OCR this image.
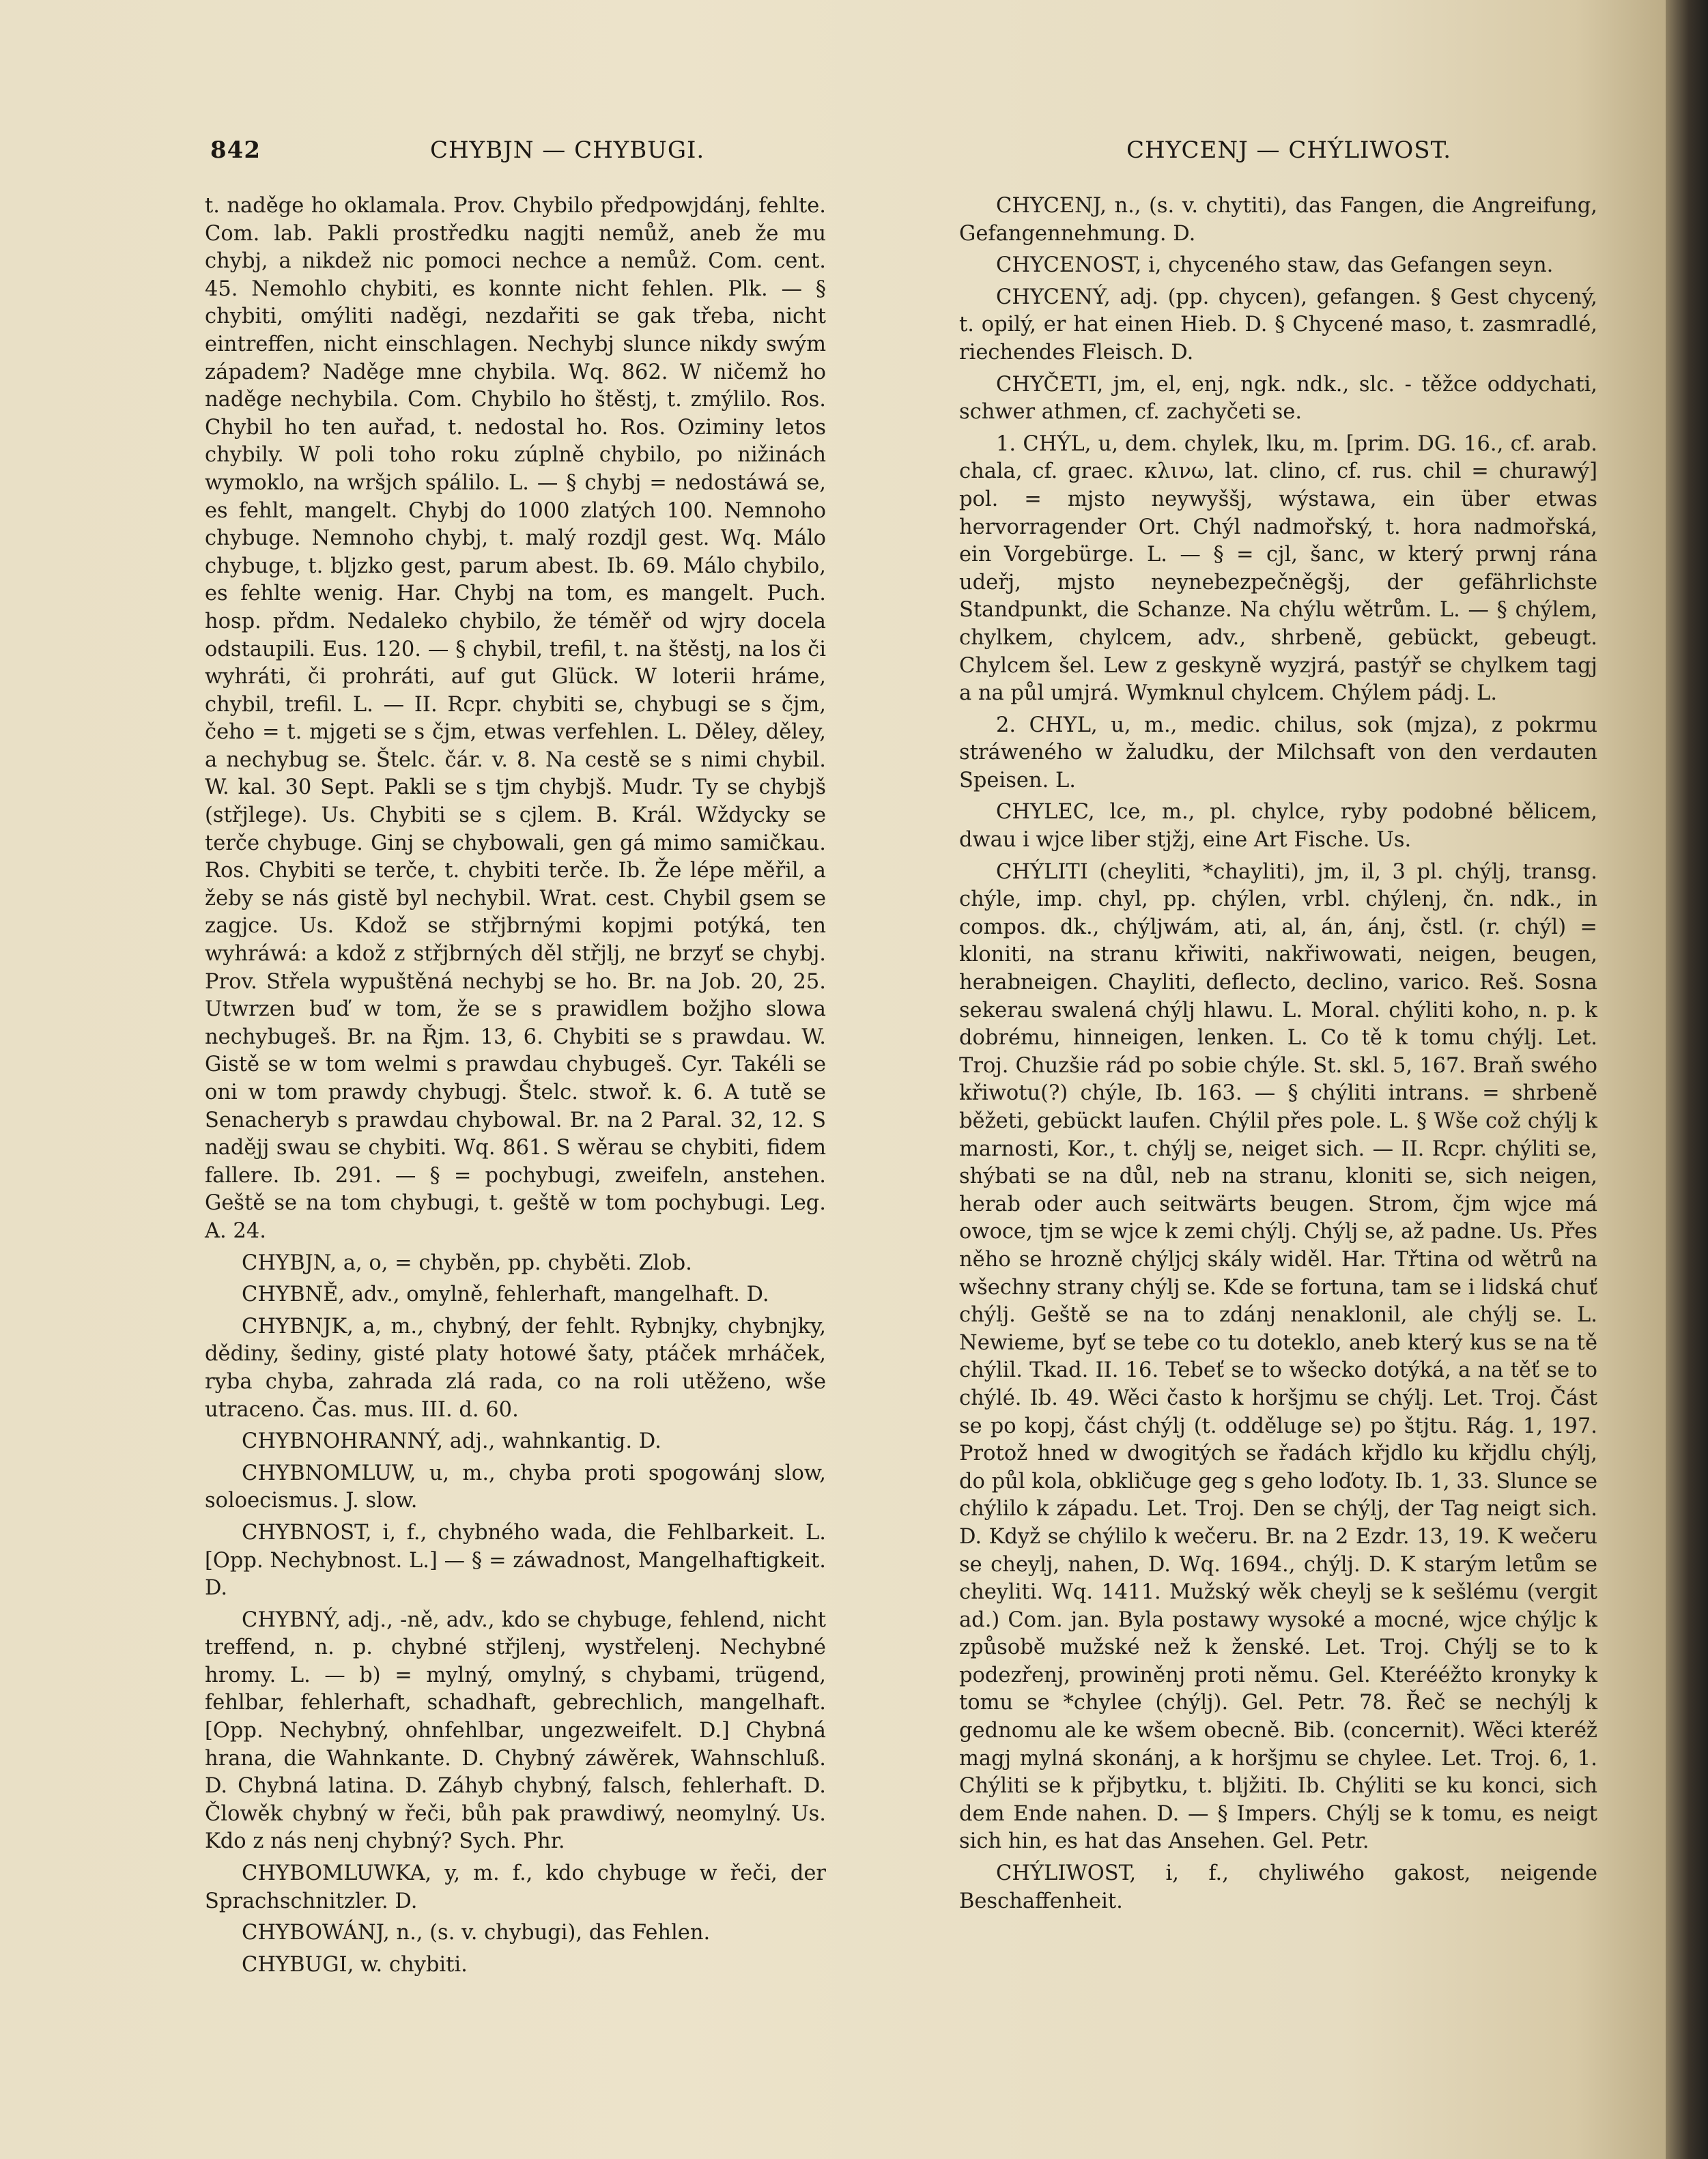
842	CHYBJN — CHYBUGI.	CHYCENJ — CHÝLIWOST.

t. naděge ho oklamala. Prov. Chybilo předpowjdánj, fehlte. Com. lab. Pakli prostředku nagjti nemůž, aneb že mu chybj, a nikdež nic pomoci nechce a nemůž. Com. cent. 45. Nemohlo chybiti, es konnte nicht fehlen. Plk. — § chybiti, omýliti naděgi, nezdařiti se gak třeba, nicht eintreffen, nicht einschlagen. Nechybj slunce nikdy swým západem? Naděge mne chybila. Wq. 862. W ničemž ho naděge nechybila. Com. Chybilo ho štěstj, t. zmýlilo. Ros. Chybil ho ten auřad, t. nedostal ho. Ros. Oziminy letos chybily. W poli toho roku zúplně chybilo, po nižinách wymoklo, na wršjch spálilo. L. — § chybj = nedostáwá se, es fehlt, mangelt. Chybj do 1000 zlatých 100. Nemnoho chybuge. Nemnoho chybj, t. malý rozdjl gest. Wq. Málo chybuge, t. bljzko gest, parum abest. Ib. 69. Málo chybilo, es fehlte wenig. Har. Chybj na tom, es mangelt. Puch. hosp. přdm. Nedaleko chybilo, že téměř od wjry docela odstaupili. Eus. 120. — § chybil, trefil, t. na štěstj, na los či wyhráti, či prohráti, auf gut Glück. W loterii hráme, chybil, trefil. L. — II. Rcpr. chybiti se, chybugi se s čjm, čeho = t. mjgeti se s čjm, etwas verfehlen. L. Děley, děley, a nechybug se. Štelc. čár. v. 8. Na cestě se s nimi chybil. W. kal. 30 Sept. Pakli se s tjm chybjš. Mudr. Ty se chybjš (střjlege). Us. Chybiti se s cjlem. B. Král. Wždycky se terče chybuge. Ginj se chybowali, gen gá mimo samičkau. Ros. Chybiti se terče, t. chybiti terče. Ib. Že lépe měřil, a žeby se nás gistě byl nechybil. Wrat. cest. Chybil gsem se zagjce. Us. Kdož se střjbrnými kopjmi potýká, ten wyhráwá: a kdož z střjbrných děl střjlj, ne brzyť se chybj. Prov. Střela wypuštěná nechybj se ho. Br. na Job. 20, 25. Utwrzen buď w tom, že se s prawidlem božjho slowa nechybugeš. Br. na Řjm. 13, 6. Chybiti se s prawdau. W. Gistě se w tom welmi s prawdau chybugeš. Cyr. Takéli se oni w tom prawdy chybugj. Štelc. stwoř. k. 6. A tutě se Senacheryb s prawdau chybowal. Br. na 2 Paral. 32, 12. S nadějj swau se chybiti. Wq. 861. S wěrau se chybiti, fidem fallere. Ib. 291. — § = pochybugi, zweifeln, anstehen. Geště se na tom chybugi, t. geště w tom pochybugi. Leg. A. 24.

CHYBJN, a, o, = chyběn, pp. chyběti. Zlob.

CHYBNĚ, adv., omylně, fehlerhaft, mangelhaft. D.

CHYBNJK, a, m., chybný, der fehlt. Rybnjky, chybnjky, dědiny, šediny, gisté platy hotowé šaty, ptáček mrháček, ryba chyba, zahrada zlá rada, co na roli utěženo, wše utraceno. Čas. mus. III. d. 60.

CHYBNOHRANNÝ, adj., wahnkantig. D.

CHYBNOMLUW, u, m., chyba proti spogowánj slow, soloecismus. J. slow.

CHYBNOST, i, f., chybného wada, die Fehlbarkeit. L. [Opp. Nechybnost. L.] — § = záwadnost, Mangelhaftigkeit. D.

CHYBNÝ, adj., -ně, adv., kdo se chybuge, fehlend, nicht treffend, n. p. chybné střjlenj, wystřelenj. Nechybné hromy. L. — b) = mylný, omylný, s chybami, trügend, fehlbar, fehlerhaft, schadhaft, gebrechlich, mangelhaft. [Opp. Nechybný, ohnfehlbar, ungezweifelt. D.] Chybná hrana, die Wahnkante. D. Chybný záwěrek, Wahnschluß. D. Chybná latina. D. Záhyb chybný, falsch, fehlerhaft. D. Člowěk chybný w řeči, bůh pak prawdiwý, neomylný. Us. Kdo z nás nenj chybný? Sych. Phr.

CHYBOMLUWKA, y, m. f., kdo chybuge w řeči, der Sprachschnitzler. D.

CHYBOWÁNJ, n., (s. v. chybugi), das Fehlen.

CHYBUGI, w. chybiti.

CHYCENJ, n., (s. v. chytiti), das Fangen, die Angreifung, Gefangennehmung. D.

CHYCENOST, i, chyceného staw, das Gefangen seyn.

CHYCENÝ, adj. (pp. chycen), gefangen. § Gest chycený, t. opilý, er hat einen Hieb. D. § Chycené maso, t. zasmradlé, riechendes Fleisch. D.

CHYČETI, jm, el, enj, ngk. ndk., slc. - těžce oddychati, schwer athmen, cf. zachyčeti se.

1. CHÝL, u, dem. chylek, lku, m. [prim. DG. 16., cf. arab. chala, cf. graec. κλινω, lat. clino, cf. rus. chil = churawý] pol. = mjsto neywyššj, wýstawa, ein über etwas hervorragender Ort. Chýl nadmořský, t. hora nadmořská, ein Vorgebürge. L. — § = cjl, šanc, w který prwnj rána udeřj, mjsto neynebezpečněgšj, der gefährlichste Standpunkt, die Schanze. Na chýlu wětrům. L. — § chýlem, chylkem, chylcem, adv., shrbeně, gebückt, gebeugt. Chylcem šel. Lew z geskyně wyzjrá, pastýř se chylkem tagj a na půl umjrá. Wymknul chylcem. Chýlem pádj. L.

2. CHYL, u, m., medic. chilus, sok (mjza), z pokrmu stráweného w žaludku, der Milchsaft von den verdauten Speisen. L.

CHYLEC, lce, m., pl. chylce, ryby podobné bělicem, dwau i wjce liber stjžj, eine Art Fische. Us.

CHÝLITI (cheyliti, *chayliti), jm, il, 3 pl. chýlj, transg. chýle, imp. chyl, pp. chýlen, vrbl. chýlenj, čn. ndk., in compos. dk., chýljwám, ati, al, án, ánj, čstl. (r. chýl) = kloniti, na stranu křiwiti, nakřiwowati, neigen, beugen, herabneigen. Chayliti, deflecto, declino, varico. Reš. Sosna sekerau swalená chýlj hlawu. L. Moral. chýliti koho, n. p. k dobrému, hinneigen, lenken. L. Co tě k tomu chýlj. Let. Troj. Chuzšie rád po sobie chýle. St. skl. 5, 167. Braň swého křiwotu(?) chýle, Ib. 163. — § chýliti intrans. = shrbeně běžeti, gebückt laufen. Chýlil přes pole. L. § Wše což chýlj k marnosti, Kor., t. chýlj se, neiget sich. — II. Rcpr. chýliti se, shýbati se na důl, neb na stranu, kloniti se, sich neigen, herab oder auch seitwärts beugen. Strom, čjm wjce má owoce, tjm se wjce k zemi chýlj. Chýlj se, až padne. Us. Přes něho se hrozně chýljcj skály widěl. Har. Třtina od wětrů na wšechny strany chýlj se. Kde se fortuna, tam se i lidská chuť chýlj. Geště se na to zdánj nenaklonil, ale chýlj se. L. Newieme, byť se tebe co tu doteklo, aneb který kus se na tě chýlil. Tkad. II. 16. Tebeť se to wšecko dotýká, a na těť se to chýlé. Ib. 49. Wěci často k horšjmu se chýlj. Let. Troj. Část se po kopj, část chýlj (t. odděluge se) po štjtu. Rág. 1, 197. Protož hned w dwogitých se řadách křjdlo ku křjdlu chýlj, do půl kola, obkličuge geg s geho loďoty. Ib. 1, 33. Slunce se chýlilo k západu. Let. Troj. Den se chýlj, der Tag neigt sich. D. Když se chýlilo k wečeru. Br. na 2 Ezdr. 13, 19. K wečeru se cheylj, nahen, D. Wq. 1694., chýlj. D. K starým letům se cheyliti. Wq. 1411. Mužský wěk cheylj se k sešlému (vergit ad.) Com. jan. Byla postawy wysoké a mocné, wjce chýljc k způsobě mužské než k ženské. Let. Troj. Chýlj se to k podezřenj, prowiněnj proti němu. Gel. Kterééžto kronyky k tomu se *chylee (chýlj). Gel. Petr. 78. Řeč se nechýlj k gednomu ale ke wšem obecně. Bib. (concernit). Wěci kteréž magj mylná skonánj, a k horšjmu se chylee. Let. Troj. 6, 1. Chýliti se k přjbytku, t. bljžiti. Ib. Chýliti se ku konci, sich dem Ende nahen. D. — § Impers. Chýlj se k tomu, es neigt sich hin, es hat das Ansehen. Gel. Petr.

CHÝLIWOST, i, f., chyliwého gakost, neigende Beschaffenheit.
